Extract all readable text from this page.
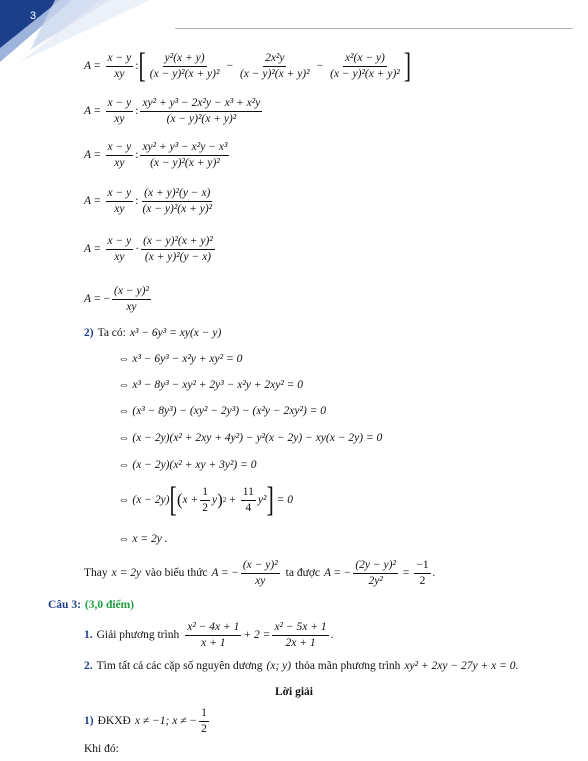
3
$A = \frac{x - y}{xy}$ : [ $\frac{\text{y²(x + y)}}{\text{(x − y)²(x + y)²}} - \frac{\text{2x²y}}{\text{(x − y)²(x + y)²}} - \frac{\text{x²(x − y)}}{\text{(x − y)²(x + y)²}}$ ]
$A = \frac{x - y}{xy}$ : $\frac{\text{xy² + y³ − 2x²y − x³ + x²y}}{\text{(x − y)²(x + y)²}}$
$A = \frac{x - y}{xy}$ : $\frac{\text{xy² + y³ − x²y − x³}}{\text{(x − y)²(x + y)²}}$
$A = \frac{x - y}{xy}$ : $\frac{\text{(x + y)²(y − x)}}{\text{(x − y)²(x + y)²}}$
$A = \frac{x - y}{xy} \cdot \frac{\text{(x − y)²(x + y)²}}{\text{(x + y)²(y − x)}}$
A = − $\frac{\text{(x − y)²}}{xy}$
2)
Ta có:
x³ − 6y³ = xy(x − y)
⇔ x³ − 6y³ − x²y + xy² = 0
⇔ x³ − 8y³ − xy² + 2y³ − x²y + 2xy² = 0
⇔ (x³ − 8y³) − (xy² − 2y³) − (x²y − 2xy²) = 0
⇔ (x − 2y)(x² + 2xy + 4y²) − y²(x − 2y) − xy(x − 2y) = 0
⇔ (x − 2y)(x² + xy + 3y²) = 0
⇔ (x − 2y) [ ( $x + \frac{1}{2}$ y ) $2 + \frac{11}{4} y^2$ ]
= 0
⇔ x = 2y .
Thay
x = 2y
vào biểu thức
A = − $\frac{\text{(x − y)²}}{xy}$
ta được
A = − $\frac{\text{(2y − y)²}}{\text{2y²}} = \frac{-1}{2}$ .
Câu 3:
(3,0 điểm)
1.
Giải phương trình
$\frac{\text{x² − 4x + 1}}{x + 1} + 2 = \frac{\text{x² − 5x + 1}}{2x + 1}$ .
2.
Tìm tất cả các cặp số nguyên dương
(x; y)
thỏa mãn phương trình
xy² + 2xy − 27y + x = 0.
Lời giải
1)
ĐKXĐ
x ≠ −1; x ≠ − $\frac{1}{2}$
Khi đó:
